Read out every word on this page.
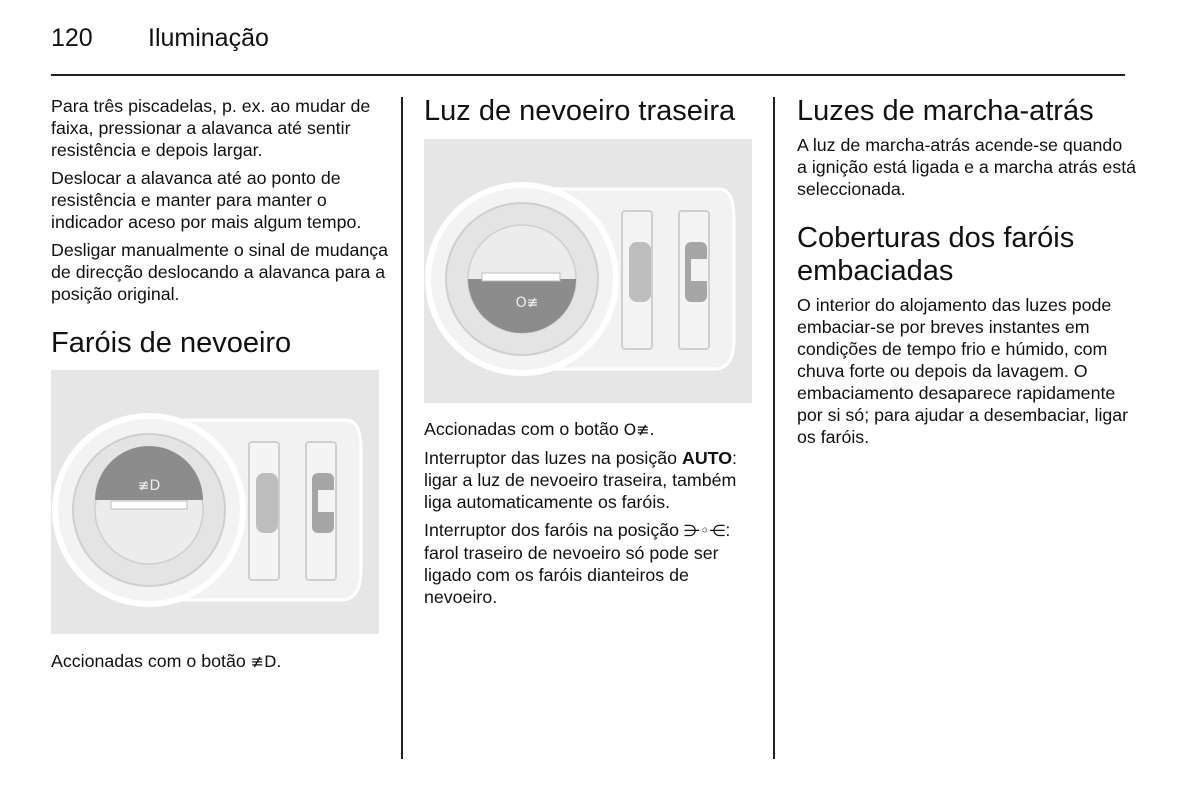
120 Iluminação

Para três piscadelas, p. ex. ao mudar de faixa, pressionar a alavanca até sentir resistência e depois largar.

Deslocar a alavanca até ao ponto de resistência e manter para manter o indicador aceso por mais algum tempo.

Desligar manualmente o sinal de mudança de direcção deslocando a alavanca para a posição original.

Faróis de nevoeiro
≢D

Accionadas com o botão ≢D.

Luz de nevoeiro traseira
O≢

Accionadas com o botão O≢.

Interruptor das luzes na posição AUTO: ligar a luz de nevoeiro traseira, também liga automaticamente os faróis.

Interruptor dos faróis na posição ⋺◦⋲: farol traseiro de nevoeiro só pode ser ligado com os faróis dianteiros de nevoeiro.

Luzes de marcha-atrás

A luz de marcha-atrás acende-se quando a ignição está ligada e a marcha atrás está seleccionada.

Coberturas dos faróis embaciadas

O interior do alojamento das luzes pode embaciar-se por breves instantes em condições de tempo frio e húmido, com chuva forte ou depois da lavagem. O embaciamento desaparece rapidamente por si só; para ajudar a desembaciar, ligar os faróis.
